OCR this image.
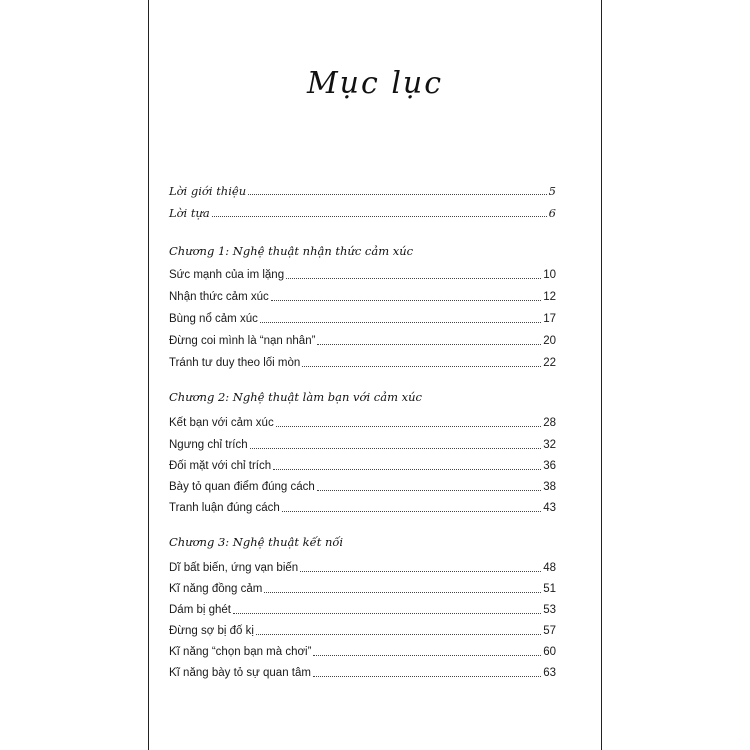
Mục lục
Lời giới thiệu	5
Lời tựa	6
Chương 1: Nghệ thuật nhận thức cảm xúc
Sức mạnh của im lặng	10
Nhận thức cảm xúc	12
Bùng nổ cảm xúc	17
Đừng coi mình là “nạn nhân”	20
Tránh tư duy theo lối mòn	22
Chương 2: Nghệ thuật làm bạn với cảm xúc
Kết bạn với cảm xúc	28
Ngưng chỉ trích	32
Đối mặt với chỉ trích	36
Bày tỏ quan điểm đúng cách	38
Tranh luận đúng cách	43
Chương 3: Nghệ thuật kết nối
Dĩ bất biến, ứng vạn biến	48
Kĩ năng đồng cảm	51
Dám bị ghét	53
Đừng sợ bị đố kị	57
Kĩ năng “chọn bạn mà chơi”	60
Kĩ năng bày tỏ sự quan tâm	63
